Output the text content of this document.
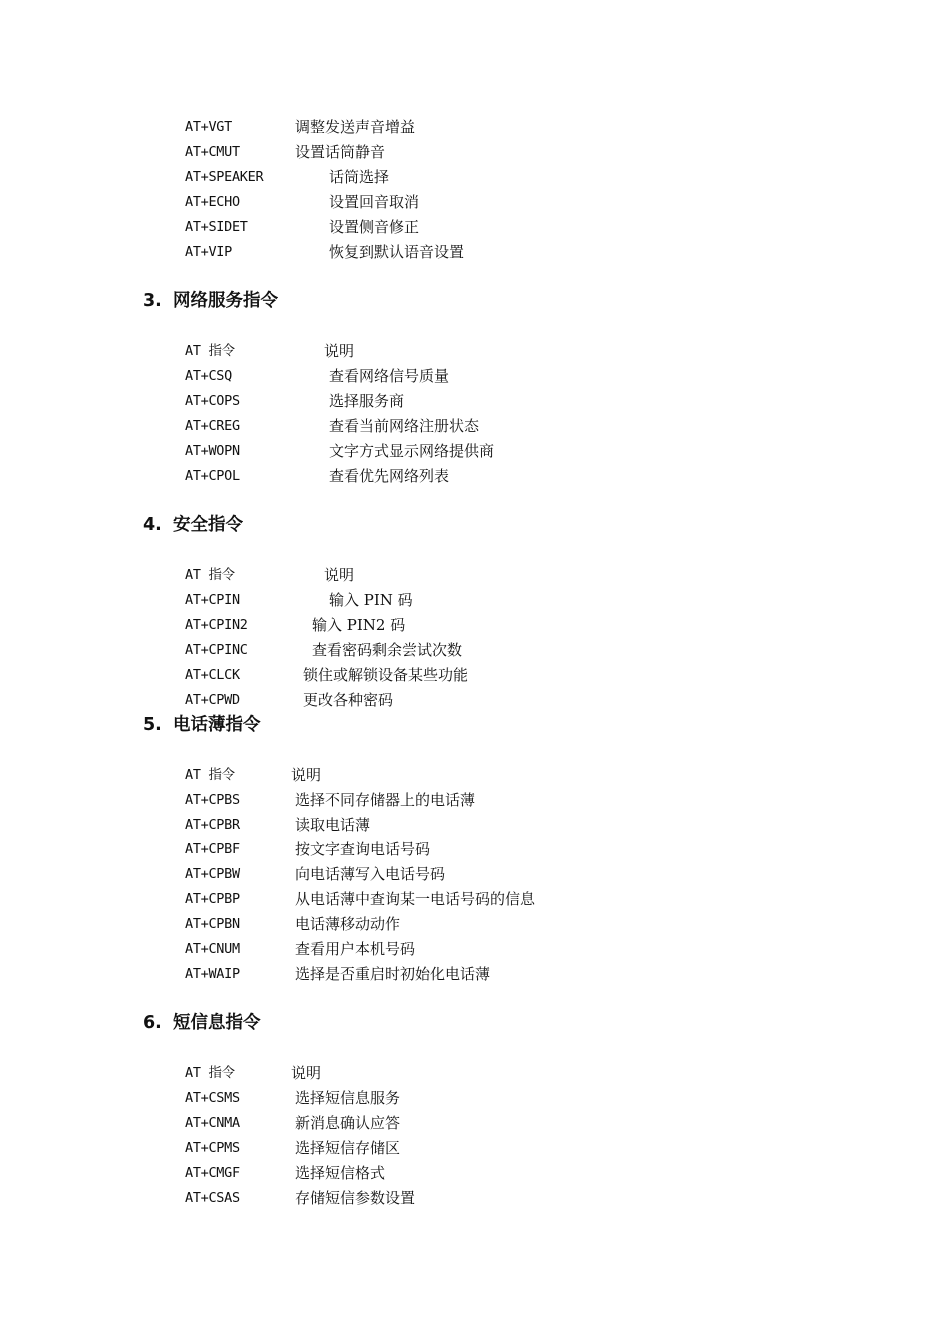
AT+VGT	调整发送声音增益
AT+CMUT	设置话筒静音
AT+SPEAKER	话筒选择
AT+ECHO	设置回音取消
AT+SIDET	设置侧音修正
AT+VIP	恢复到默认语音设置
3. 网络服务指令
AT 指令	说明
AT+CSQ	查看网络信号质量
AT+COPS	选择服务商
AT+CREG	查看当前网络注册状态
AT+WOPN	文字方式显示网络提供商
AT+CPOL	查看优先网络列表
4. 安全指令
AT 指令	说明
AT+CPIN	输入 PIN 码
AT+CPIN2	输入 PIN2 码
AT+CPINC	查看密码剩余尝试次数
AT+CLCK	锁住或解锁设备某些功能
AT+CPWD	更改各种密码
5. 电话薄指令
AT 指令	说明
AT+CPBS	选择不同存储器上的电话薄
AT+CPBR	读取电话薄
AT+CPBF	按文字查询电话号码
AT+CPBW	向电话薄写入电话号码
AT+CPBP	从电话薄中查询某一电话号码的信息
AT+CPBN	电话薄移动动作
AT+CNUM	查看用户本机号码
AT+WAIP	选择是否重启时初始化电话薄
6. 短信息指令
AT 指令	说明
AT+CSMS	选择短信息服务
AT+CNMA	新消息确认应答
AT+CPMS	选择短信存储区
AT+CMGF	选择短信格式
AT+CSAS	存储短信参数设置
